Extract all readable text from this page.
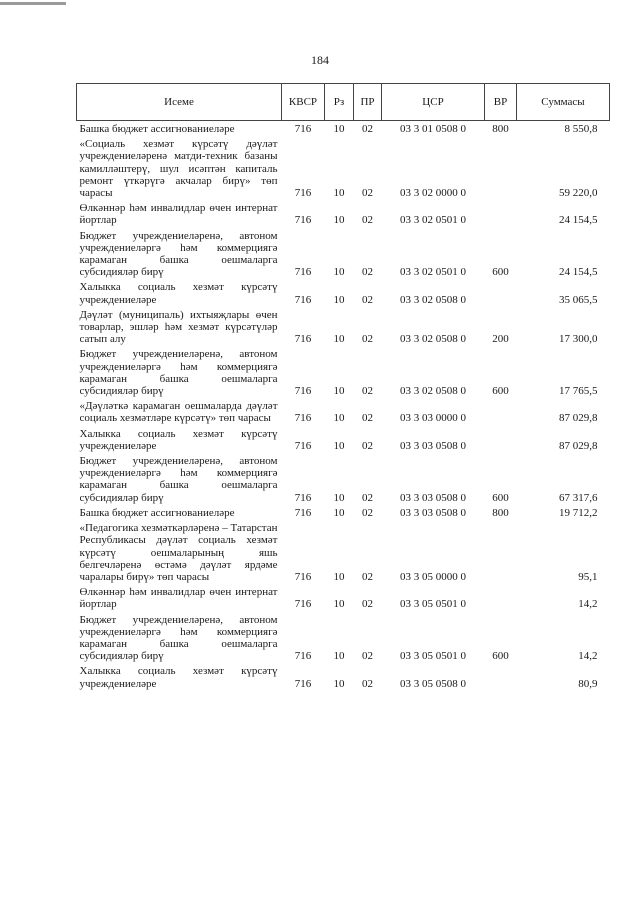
184
Исеме	КВСР	Рз	ПР	ЦСР	ВР	Суммасы
Башка бюджет ассигнованиеләре	716	10	02	03 3 01 0508 0	800	8 550,8
«Социаль хезмәт күрсәтү дәүләт учреждениеләренә матди-техник базаны камилләштерү, шул исәптән капиталь ремонт үткәрүгә акчалар бирү» төп чарасы	716	10	02	03 3 02 0000 0		59 220,0
Өлкәннәр һәм инвалидлар өчен интернат йортлар	716	10	02	03 3 02 0501 0		24 154,5
Бюджет учреждениеләренә, автоном учреждениеләргә һәм коммерциягә карамаган башка оешмаларга субсидияләр бирү	716	10	02	03 3 02 0501 0	600	24 154,5
Халыкка социаль хезмәт күрсәтү учреждениеләре	716	10	02	03 3 02 0508 0		35 065,5
Дәүләт (муниципаль) ихтыяҗлары өчен товарлар, эшләр һәм хезмәт күрсәтүләр сатып алу	716	10	02	03 3 02 0508 0	200	17 300,0
Бюджет учреждениеләренә, автоном учреждениеләргә һәм коммерциягә карамаган башка оешмаларга субсидияләр бирү	716	10	02	03 3 02 0508 0	600	17 765,5
«Дәүләткә карамаган оешмаларда дәүләт социаль хезмәтләре күрсәтү» төп чарасы	716	10	02	03 3 03 0000 0		87 029,8
Халыкка социаль хезмәт күрсәтү учреждениеләре	716	10	02	03 3 03 0508 0		87 029,8
Бюджет учреждениеләренә, автоном учреждениеләргә һәм коммерциягә карамаган башка оешмаларга субсидияләр бирү	716	10	02	03 3 03 0508 0	600	67 317,6
Башка бюджет ассигнованиеләре	716	10	02	03 3 03 0508 0	800	19 712,2
«Педагогика хезмәткәрләренә – Татарстан Республикасы дәүләт социаль хезмәт күрсәтү оешмаларының яшь белгечләренә өстәмә дәүләт ярдәме чаралары бирү» төп чарасы	716	10	02	03 3 05 0000 0		95,1
Өлкәннәр һәм инвалидлар өчен интернат йортлар	716	10	02	03 3 05 0501 0		14,2
Бюджет учреждениеләренә, автоном учреждениеләргә һәм коммерциягә карамаган башка оешмаларга субсидияләр бирү	716	10	02	03 3 05 0501 0	600	14,2
Халыкка социаль хезмәт күрсәтү учреждениеләре	716	10	02	03 3 05 0508 0		80,9
